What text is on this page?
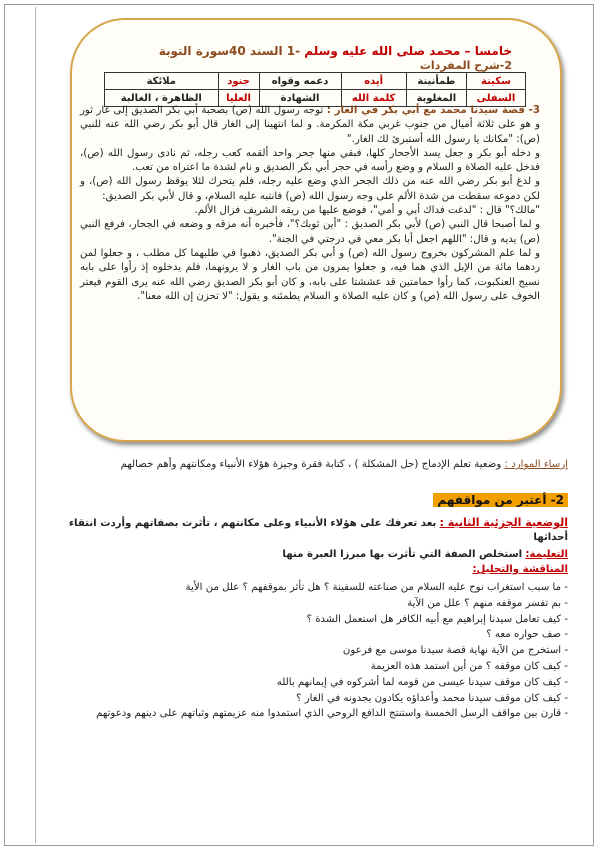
خامسا – محمد صلى الله عليه وسلم -1 السند 40سورة التوبة
2-شرح المفردات
سكينة	طمأنينة	أيده	دعمه وقواه	جنود	ملائكة
السفلى	المغلوبة	كلمة الله	الشهادة	العليا	الظاهرة ، الغالبة

3- قصة سيدنا محمد مع أبي بكر في الغار : توجه رسول الله (ص) بصحبة أبي بكر الصديق إلى غار ثور و هو على ثلاثة أميال من جنوب غربي مكة المكرمة. و لما انتهينا إلى الغار قال أبو بكر رضي الله عنه للنبي (ص): "مكانك يا رسول الله أستبرئ لك الغار."

و دخله أبو بكر و جعل يسد الأجحار كلها، فبقي منها جحر واحد ألقمه كعب رجله، ثم نادى رسول الله (ص)، فدخل عليه الصلاة و السلام و وضع رأسه في حجر أبي بكر الصديق و نام لشدة ما اعتراه من تعب.

و لدغ أبو بكر رضي الله عنه من ذلك الجحر الذي وضع عليه رجله، فلم يتحرك لئلا يوقظ رسول الله (ص)، و لكن دموعه سقطت من شدة الألم على وجه رسول الله (ص) فانتبه عليه السلام، و قال لأبي بكر الصديق:

"مالك؟" قال : "لدغت فداك أبي و أمي"، فوضع عليها من ريقه الشريف فزال الألم.

و لما أصبحا قال النبي (ص) لأبي بكر الصديق : "أين ثوبك؟"، فأخبره أنه مزقه و وضعه في الجحار، فرفع النبي (ص) يديه و قال: "اللهم اجعل أبا بكر معي في درجتي في الجنة".

و لما علم المشركون بخروج رسول الله (ص) و أبي بكر الصديق، ذهبوا في طلبهما كل مطلب ، و جعلوا لمن ردهما مائة من الإبل الذي هما فيه، و جعلوا يمرون من باب الغار و لا يرونهما، فلم يدخلوه إذ رأوا على بابه نسيج العنكبوت، كما رأوا حمامتين قد عششتا على بابه، و كان أبو بكر الصديق رضي الله عنه يرى القوم فيعتر الخوف على رسول الله (ص) و كان عليه الصلاة و السلام يطمئنه و يقول: "لا تحزن إن الله معنا".

إرساء الموارد : وضعية تعلم الإدماج (حل المشكلة ) ، كتابة فقرة وجيزة هؤلاء الأنبياء ومكانتهم وأهم خصالهم
2- أعتبر من مواقفهم
الوضعية الجزئية الثانية : بعد تعرفك على هؤلاء الأنبياء وعلى مكانتهم ، تأثرت بصفاتهم وأردت انتقاء أحداثها
التعليمة: استخلص الصفة التي تأثرت بها مبرزا العبرة منها
المناقشة والتحليل:

- ما سبب استغراب نوح عليه السلام من صناعته للسفينة ؟ هل تأثر بموقفهم ؟ علل من الأية

- بم تفسر موقفه منهم ؟ علل من الآية

- كيف تعامل سيدنا إبراهيم مع أبيه الكافر هل استعمل الشدة ؟

- صف حواره معه ؟

- استخرج من الآية نهاية قصة سيدنا موسى مع فرعون

- كيف كان موقفه ؟ من أين استمد هذه العزيمة

- كيف كان موقف سيدنا عيسى من قومه لما أشركوه في إيمانهم بالله

- كيف كان موقف سيدنا محمد وأعداؤه يكادون يجدونه في الغار ؟

- قارن بين مواقف الرسل الخمسة واستنتج الدافع الروحي الذي استمدوا منه عزيمتهم وثباتهم على دينهم ودعوتهم
